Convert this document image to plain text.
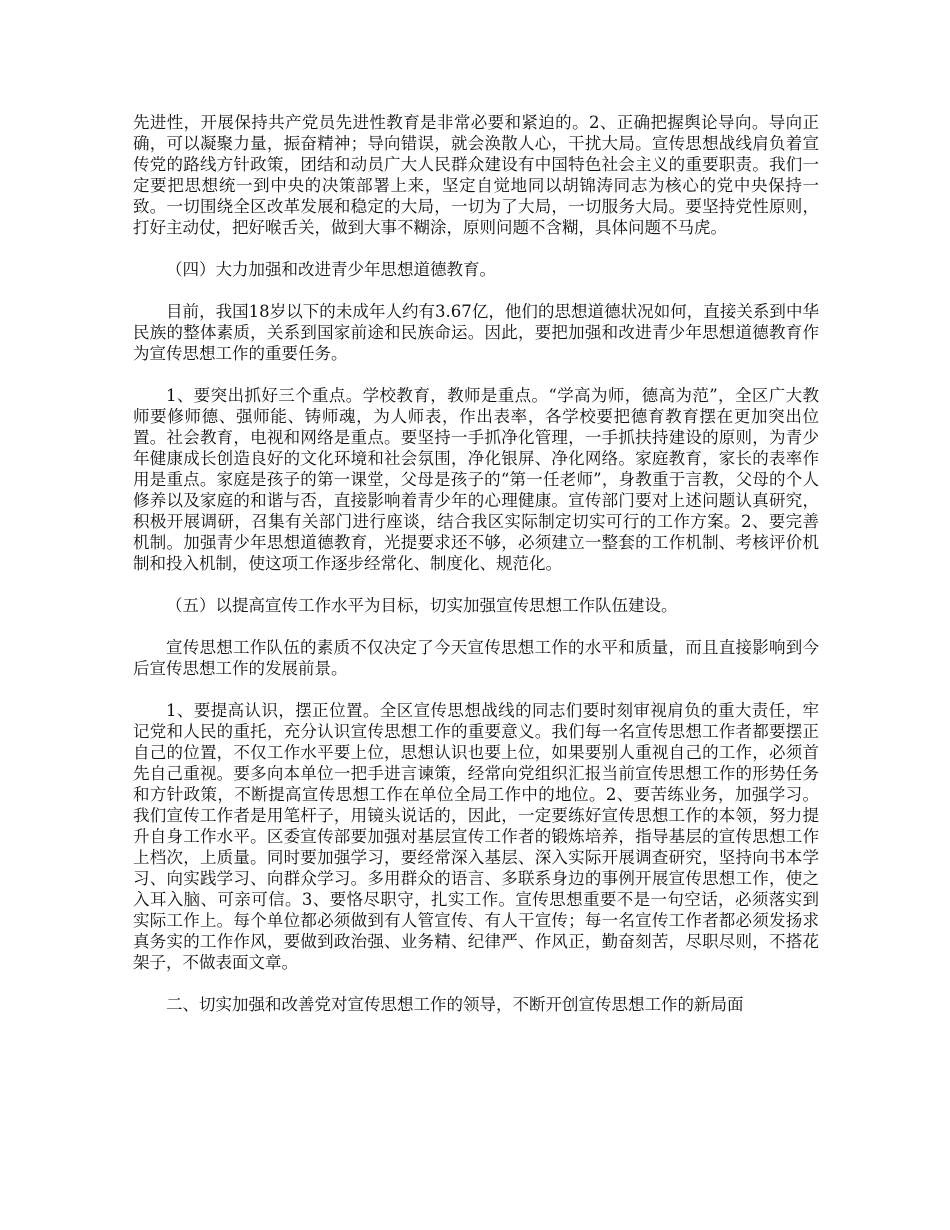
先进性，开展保持共产党员先进性教育是非常必要和紧迫的。2、正确把握舆论导向。导向正确，可以凝聚力量，振奋精神；导向错误，就会涣散人心，干扰大局。宣传思想战线肩负着宣传党的路线方针政策，团结和动员广大人民群众建设有中国特色社会主义的重要职责。我们一定要把思想统一到中央的决策部署上来，坚定自觉地同以胡锦涛同志为核心的党中央保持一致。一切围绕全区改革发展和稳定的大局，一切为了大局，一切服务大局。要坚持党性原则，打好主动仗，把好喉舌关，做到大事不糊涂，原则问题不含糊，具体问题不马虎。

（四）大力加强和改进青少年思想道德教育。

目前，我国18岁以下的未成年人约有3.67亿，他们的思想道德状况如何，直接关系到中华民族的整体素质，关系到国家前途和民族命运。因此，要把加强和改进青少年思想道德教育作为宣传思想工作的重要任务。

1、要突出抓好三个重点。学校教育，教师是重点。“学高为师，德高为范”，全区广大教师要修师德、强师能、铸师魂，为人师表，作出表率，各学校要把德育教育摆在更加突出位置。社会教育，电视和网络是重点。要坚持一手抓净化管理，一手抓扶持建设的原则，为青少年健康成长创造良好的文化环境和社会氛围，净化银屏、净化网络。家庭教育，家长的表率作用是重点。家庭是孩子的第一课堂，父母是孩子的“第一任老师”，身教重于言教，父母的个人修养以及家庭的和谐与否，直接影响着青少年的心理健康。宣传部门要对上述问题认真研究，积极开展调研，召集有关部门进行座谈，结合我区实际制定切实可行的工作方案。2、要完善机制。加强青少年思想道德教育，光提要求还不够，必须建立一整套的工作机制、考核评价机制和投入机制，使这项工作逐步经常化、制度化、规范化。

（五）以提高宣传工作水平为目标，切实加强宣传思想工作队伍建设。

宣传思想工作队伍的素质不仅决定了今天宣传思想工作的水平和质量，而且直接影响到今后宣传思想工作的发展前景。

1、要提高认识，摆正位置。全区宣传思想战线的同志们要时刻审视肩负的重大责任，牢记党和人民的重托，充分认识宣传思想工作的重要意义。我们每一名宣传思想工作者都要摆正自己的位置，不仅工作水平要上位，思想认识也要上位，如果要别人重视自己的工作，必须首先自己重视。要多向本单位一把手进言谏策，经常向党组织汇报当前宣传思想工作的形势任务和方针政策，不断提高宣传思想工作在单位全局工作中的地位。2、要苦练业务，加强学习。我们宣传工作者是用笔杆子，用镜头说话的，因此，一定要练好宣传思想工作的本领，努力提升自身工作水平。区委宣传部要加强对基层宣传工作者的锻炼培养，指导基层的宣传思想工作上档次，上质量。同时要加强学习，要经常深入基层、深入实际开展调查研究，坚持向书本学习、向实践学习、向群众学习。多用群众的语言、多联系身边的事例开展宣传思想工作，使之入耳入脑、可亲可信。3、要恪尽职守，扎实工作。宣传思想重要不是一句空话，必须落实到实际工作上。每个单位都必须做到有人管宣传、有人干宣传；每一名宣传工作者都必须发扬求真务实的工作作风，要做到政治强、业务精、纪律严、作风正，勤奋刻苦，尽职尽则，不搭花架子，不做表面文章。

二、切实加强和改善党对宣传思想工作的领导，不断开创宣传思想工作的新局面
